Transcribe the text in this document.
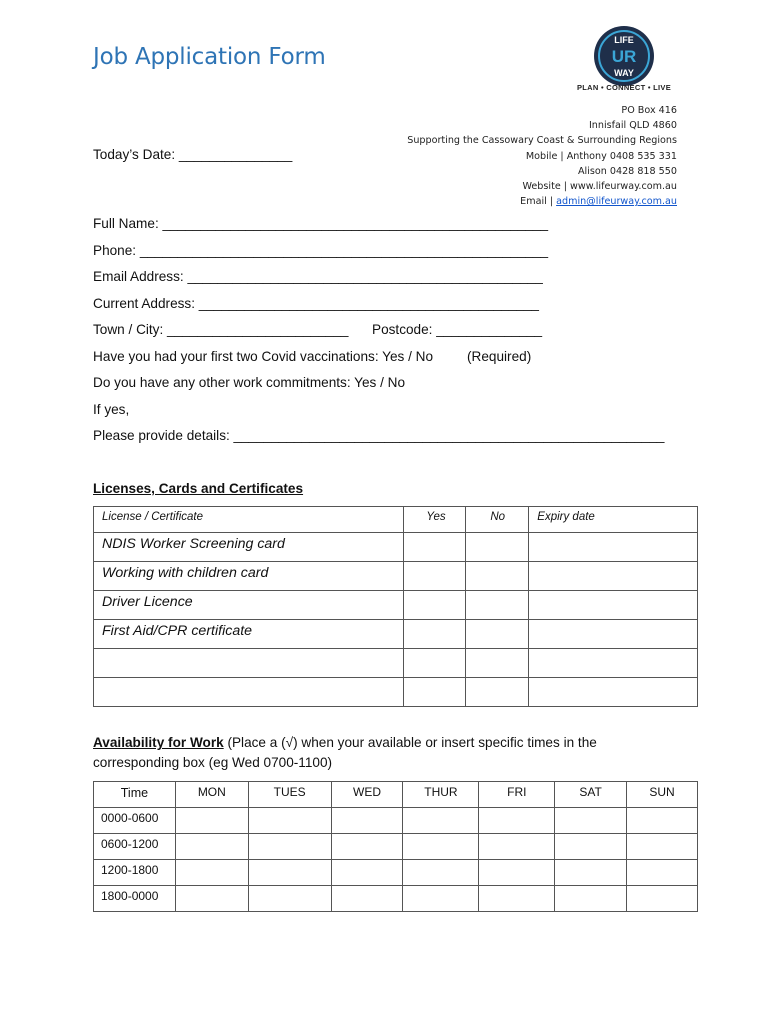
Job Application Form
LIFE
UR
WAY
PLAN • CONNECT • LIVE
PO Box 416
Innisfail QLD 4860
Supporting the Cassowary Coast & Surrounding Regions
Mobile | Anthony 0408 535 331
Alison 0428 818 550
Website | www.lifeurway.com.au
Email | admin@lifeurway.com.au
Today’s Date: _______________
Full Name: ___________________________________________________
Phone: ______________________________________________________
Email Address: _______________________________________________
Current Address: _____________________________________________
Town / City: ________________________ Postcode: ______________
Have you had your first two Covid vaccinations: Yes / No (Required)
Do you have any other work commitments: Yes / No
If yes,
Please provide details: _________________________________________________________
Licenses, Cards and Certificates
License / Certificate	Yes	No	Expiry date

NDIS Worker Screening card			

Working with children card			

Driver Licence			

First Aid/CPR certificate			

Availability for Work (Place a (√) when your available or insert specific times in the
corresponding box (eg Wed 0700-1100)
Time	MON	TUES	WED	THUR	FRI	SAT	SUN

0000-0600							

0600-1200							

1200-1800							

1800-0000							
